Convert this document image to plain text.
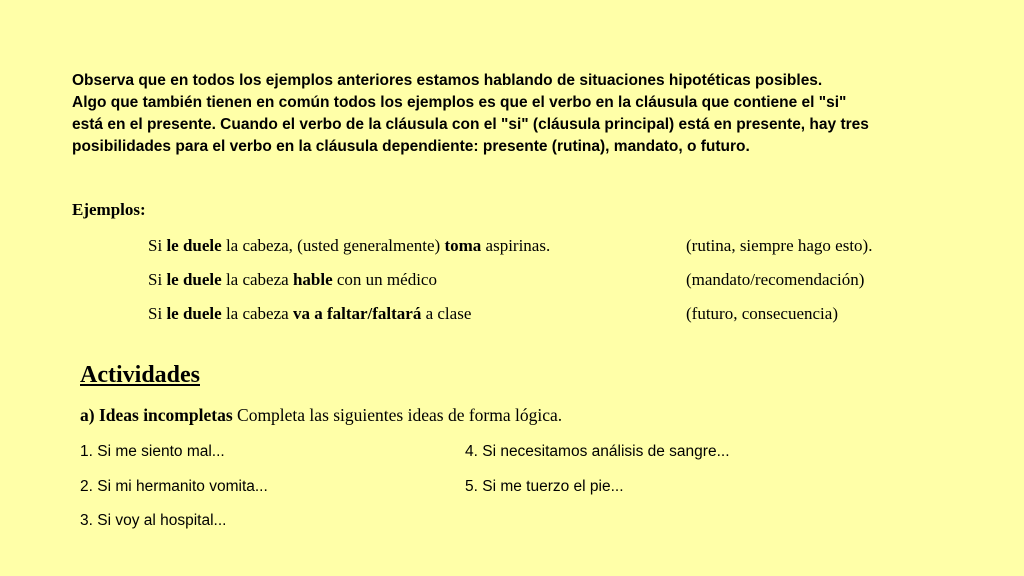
Observa que en todos los ejemplos anteriores estamos hablando de situaciones hipotéticas posibles.
Algo que también tienen en común todos los ejemplos es que el verbo en la cláusula que contiene el "si"
está en el presente. Cuando el verbo de la cláusula con el "si" (cláusula principal) está en presente, hay tres
posibilidades para el verbo en la cláusula dependiente: presente (rutina), mandato, o futuro.
Ejemplos:
Si le duele la cabeza, (usted generalmente) toma aspirinas.	(rutina, siempre hago esto).
Si le duele la cabeza hable con un médico	(mandato/recomendación)
Si le duele la cabeza va a faltar/faltará a clase	(futuro, consecuencia)
Actividades
a) Ideas incompletas Completa las siguientes ideas de forma lógica.
1. Si me siento mal...
2. Si mi hermanito vomita...
3. Si voy al hospital...
4. Si necesitamos análisis de sangre...
5. Si me tuerzo el pie...
